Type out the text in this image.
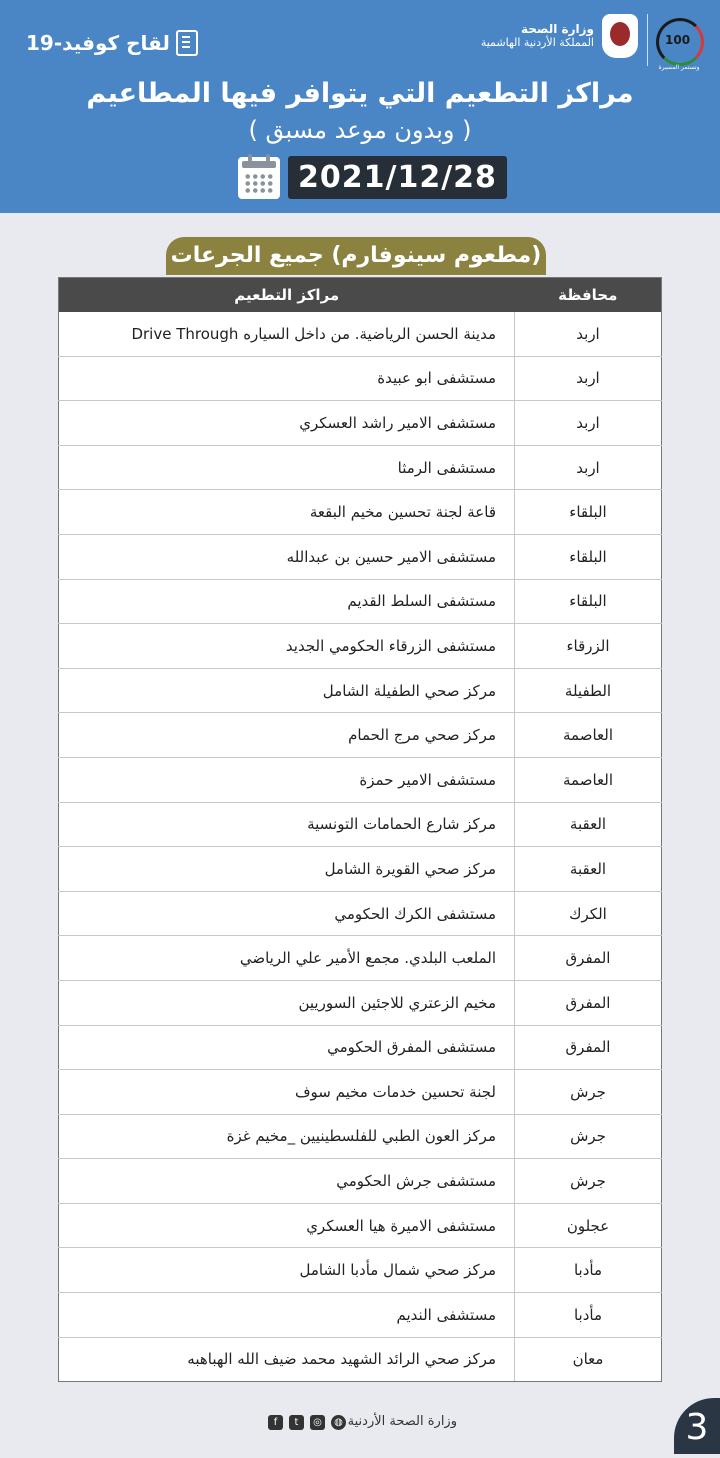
لقاح كوفيد-19
وزارة الصحة
المملكة الأردنية الهاشمية	100
وتستمر المسيرة
مراكز التطعيم التي يتوافر فيها المطاعيم
( وبدون موعد مسبق )
2021/12/28
(مطعوم سينوفارم) جميع الجرعات
محافظة	مراكز التطعيم
اربد	مدينة الحسن الرياضية. من داخل السياره Drive Through
اربد	مستشفى ابو عبيدة
اربد	مستشفى الامير راشد العسكري
اربد	مستشفى الرمثا
البلقاء	قاعة لجنة تحسين مخيم البقعة
البلقاء	مستشفى الامير حسين بن عبدالله
البلقاء	مستشفى السلط القديم
الزرقاء	مستشفى الزرقاء الحكومي الجديد
الطفيلة	مركز صحي الطفيلة الشامل
العاصمة	مركز صحي مرج الحمام
العاصمة	مستشفى الامير حمزة
العقبة	مركز شارع الحمامات التونسية
العقبة	مركز صحي القويرة الشامل
الكرك	مستشفى الكرك الحكومي
المفرق	الملعب البلدي. مجمع الأمير علي الرياضي
المفرق	مخيم الزعتري للاجئين السوريين
المفرق	مستشفى المفرق الحكومي
جرش	لجنة تحسين خدمات مخيم سوف
جرش	مركز العون الطبي للفلسطينيين _مخيم غزة
جرش	مستشفى جرش الحكومي
عجلون	مستشفى الاميرة هيا العسكري
مأدبا	مركز صحي شمال مأدبا الشامل
مأدبا	مستشفى النديم
معان	مركز صحي الرائد الشهيد محمد ضيف الله الهباهبه
f	t	◎	◍ وزارة الصحة الأردنية	3
